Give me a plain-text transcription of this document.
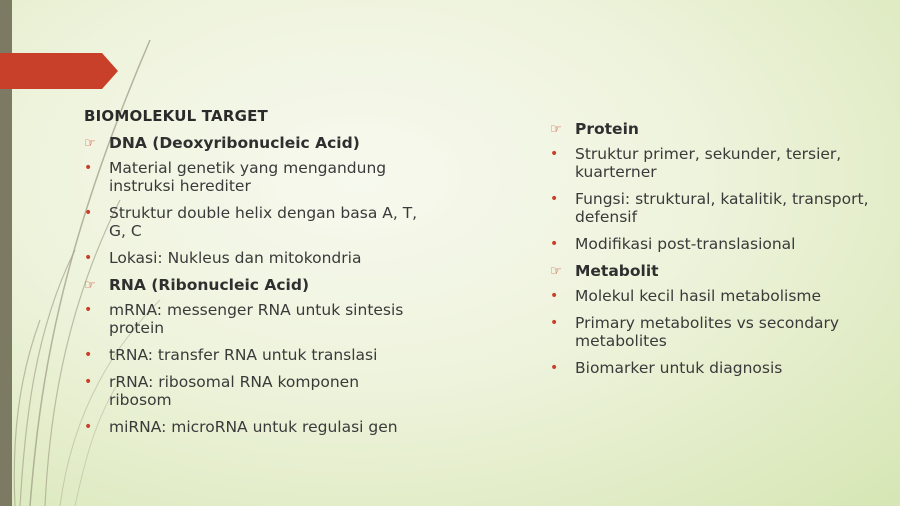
BIOMOLEKUL TARGET
☞ DNA (Deoxyribonucleic Acid)
•	Material genetik yang mengandung instruksi herediter
•	Struktur double helix dengan basa A, T, G, C
•	Lokasi: Nukleus dan mitokondria
☞ RNA (Ribonucleic Acid)
•	mRNA: messenger RNA untuk sintesis protein
•	tRNA: transfer RNA untuk translasi
•	rRNA: ribosomal RNA komponen ribosom
•	miRNA: microRNA untuk regulasi gen
☞ Protein
•	Struktur primer, sekunder, tersier, kuarterner
•	Fungsi: struktural, katalitik, transport, defensif
•	Modifikasi post-translasional
☞ Metabolit
•	Molekul kecil hasil metabolisme
•	Primary metabolites vs secondary metabolites
•	Biomarker untuk diagnosis
